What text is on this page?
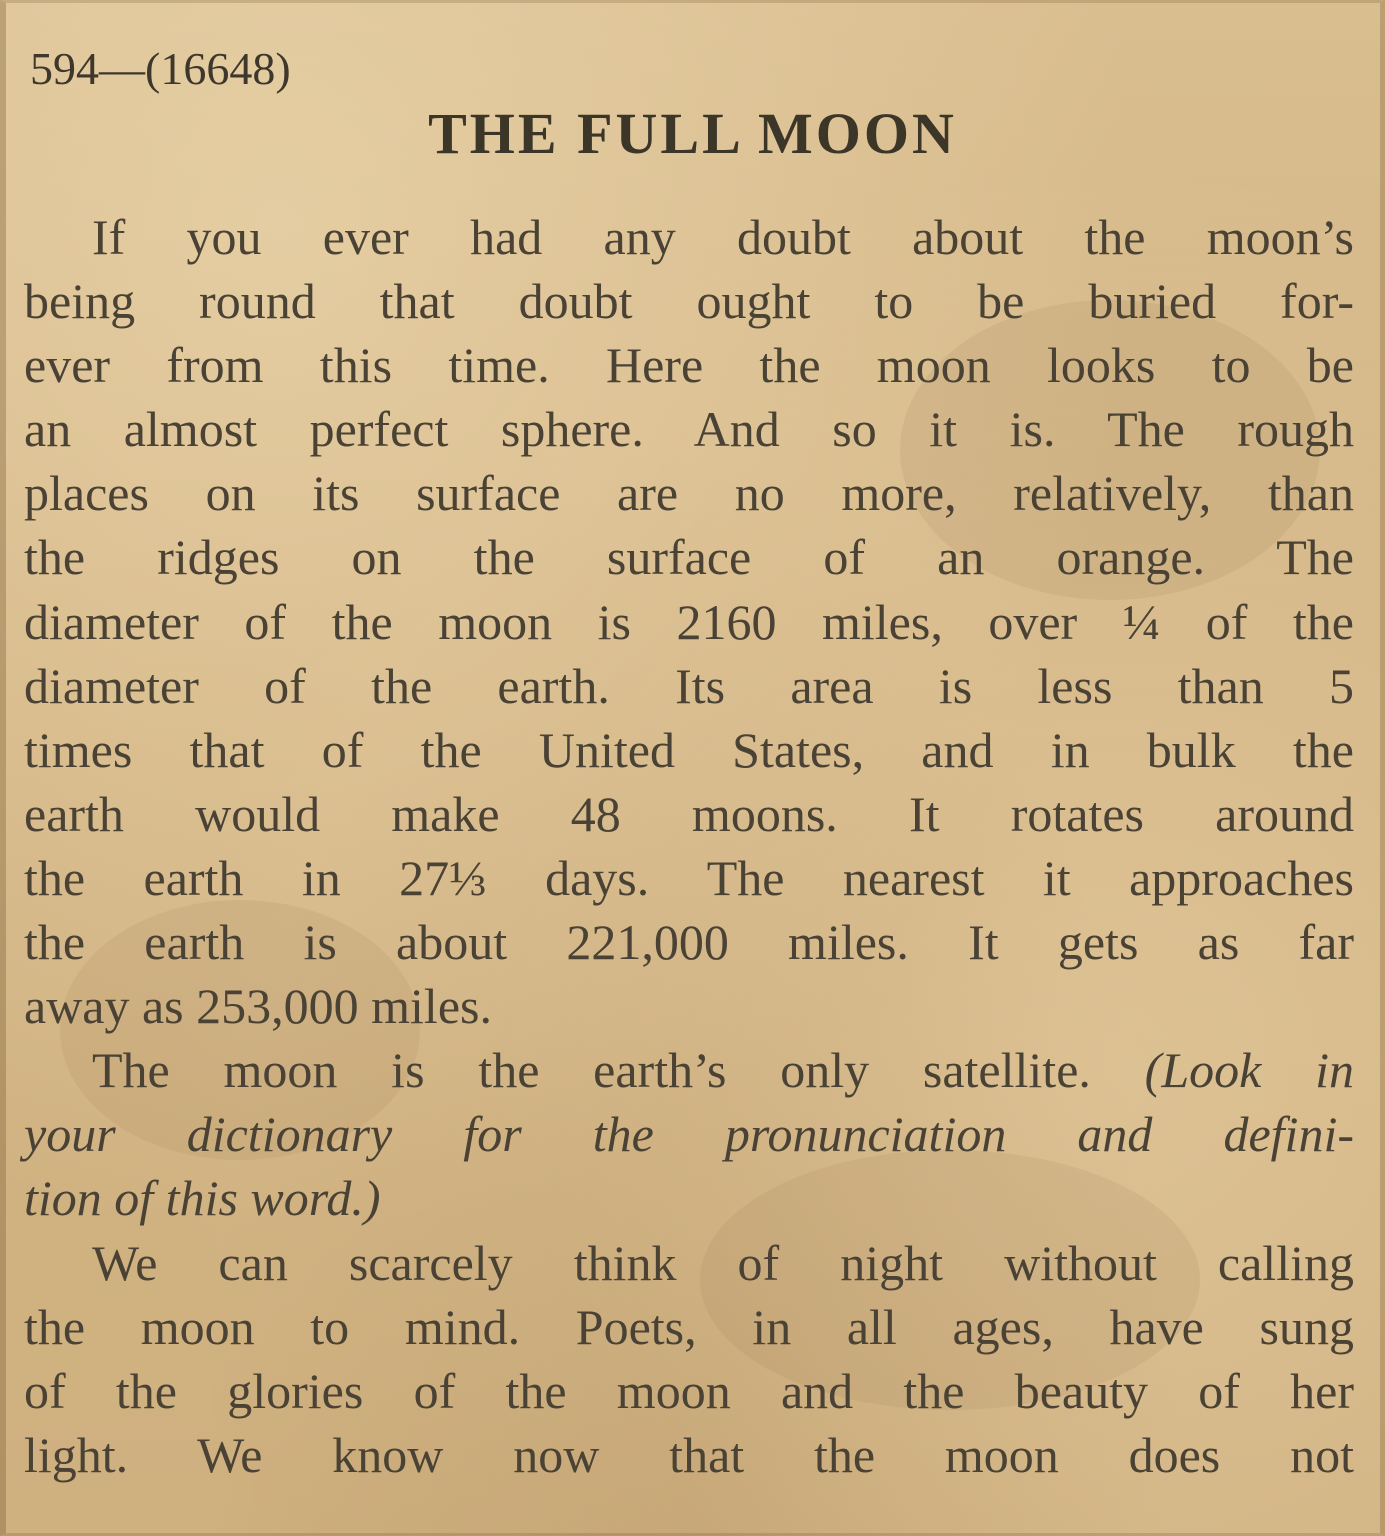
594—(16648)
THE FULL MOON
If you ever had any doubt about the moon’s
being round that doubt ought to be buried for-
ever from this time. Here the moon looks to be
an almost perfect sphere. And so it is. The rough
places on its surface are no more, relatively, than
the ridges on the surface of an orange. The
diameter of the moon is 2160 miles, over ¼ of the
diameter of the earth. Its area is less than 5
times that of the United States, and in bulk the
earth would make 48 moons. It rotates around
the earth in 27⅓ days. The nearest it approaches
the earth is about 221,000 miles. It gets as far
away as 253,000 miles.
The moon is the earth’s only satellite. (Look in
your dictionary for the pronunciation and defini-
tion of this word.)
We can scarcely think of night without calling
the moon to mind. Poets, in all ages, have sung
of the glories of the moon and the beauty of her
light. We know now that the moon does not
